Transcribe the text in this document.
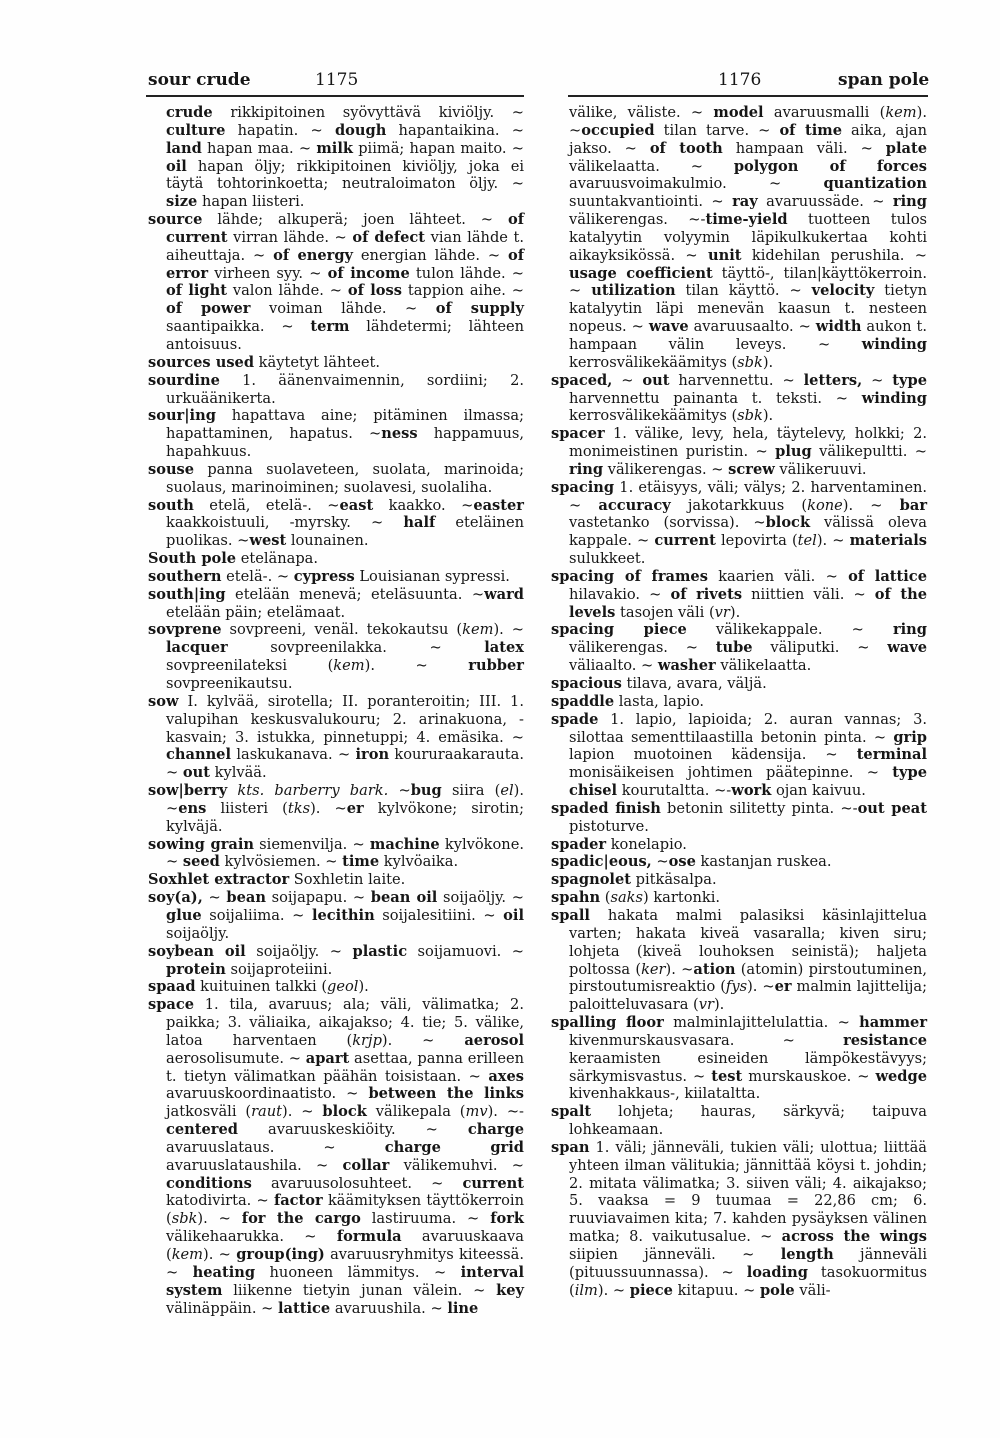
sour crude	1175	1176	span pole

crude rikkipitoinen syövyttävä kiviöljy. ~ culture hapatin. ~ dough hapantaikina. ~ land hapan maa. ~ milk piimä; hapan maito. ~ oil hapan öljy; rikkipitoinen kiviöljy, joka ei täytä tohtorinkoetta; neutraloimaton öljy. ~ size hapan liisteri.

source lähde; alkuperä; joen lähteet. ~ of current virran lähde. ~ of defect vian lähde t. aiheuttaja. ~ of energy energian lähde. ~ of error virheen syy. ~ of income tulon lähde. ~ of light valon lähde. ~ of loss tappion aihe. ~ of power voiman lähde. ~ of supply saantipaikka. ~ term lähdetermi; lähteen antoisuus.

sources used käytetyt lähteet.

sourdine 1. äänenvaimennin, sordiini; 2. urkuäänikerta.

sour|ing hapattava aine; pitäminen ilmassa; hapattaminen, hapatus. ~ness happamuus, hapahkuus.

souse panna suolaveteen, suolata, marinoida; suolaus, marinoiminen; suolavesi, suolaliha.

south etelä, etelä-. ~east kaakko. ~easter kaakkoistuuli, -myrsky. ~ half eteläinen puolikas. ~west lounainen.

South pole etelänapa.

southern etelä-. ~ cypress Louisianan sypressi.

south|ing etelään menevä; eteläsuunta. ~ward etelään päin; etelämaat.

sovprene sovpreeni, venäl. tekokautsu (kem). ~ lacquer sovpreenilakka. ~ latex sovpreenilateksi (kem). ~ rubber sovpreenikautsu.

sow I. kylvää, sirotella; II. poranteroitin; III. 1. valupihan keskusvalukouru; 2. arinakuona, -kasvain; 3. istukka, pinnetuppi; 4. emäsika. ~ channel laskukanava. ~ iron koururaakarauta. ~ out kylvää.

sow|berry kts. barberry bark. ~bug siira (el). ~ens liisteri (tks). ~er kylvökone; sirotin; kylväjä.

sowing grain siemenvilja. ~ machine kylvökone. ~ seed kylvösiemen. ~ time kylvöaika.

Soxhlet extractor Soxhletin laite.

soy(a), ~ bean soijapapu. ~ bean oil soijaöljy. ~ glue soijaliima. ~ lecithin soijalesitiini. ~ oil soijaöljy.

soybean oil soijaöljy. ~ plastic soijamuovi. ~ protein soijaproteiini.

spaad kuituinen talkki (geol).

space 1. tila, avaruus; ala; väli, välimatka; 2. paikka; 3. väliaika, aikajakso; 4. tie; 5. välike, latoa harventaen (krjp). ~ aerosol aerosolisumute. ~ apart asettaa, panna erilleen t. tietyn välimatkan päähän toisistaan. ~ axes avaruuskoordinaatisto. ~ between the links jatkosväli (raut). ~ block välikepala (mv). ~-centered avaruuskeskiöity. ~ charge avaruuslataus. ~ charge grid avaruuslataushila. ~ collar välikemuhvi. ~ conditions avaruusolosuhteet. ~ current katodivirta. ~ factor käämityksen täyttökerroin (sbk). ~ for the cargo lastiruuma. ~ fork välikehaarukka. ~ formula avaruuskaava (kem). ~ group(ing) avaruusryhmitys kiteessä. ~ heating huoneen lämmitys. ~ interval system liikenne tietyin junan välein. ~ key välinäppäin. ~ lattice avaruushila. ~ line

välike, väliste. ~ model avaruusmalli (kem). ~occupied tilan tarve. ~ of time aika, ajan jakso. ~ of tooth hampaan väli. ~ plate välikelaatta. ~ polygon of forces avaruusvoimakulmio. ~ quantization suuntakvantiointi. ~ ray avaruussäde. ~ ring välikerengas. ~-time-yield tuotteen tulos katalyytin volyymin läpikulkukertaa kohti aikayksikössä. ~ unit kidehilan perushila. ~ usage coefficient täyttö-, tilan|käyttökerroin. ~ utilization tilan käyttö. ~ velocity tietyn katalyytin läpi menevän kaasun t. nesteen nopeus. ~ wave avaruusaalto. ~ width aukon t. hampaan välin leveys. ~ winding kerrosvälikekäämitys (sbk).

spaced, ~ out harvennettu. ~ letters, ~ type harvennettu painanta t. teksti. ~ winding kerrosvälikekäämitys (sbk).

spacer 1. välike, levy, hela, täytelevy, holkki; 2. monimeistinen puristin. ~ plug välikepultti. ~ ring välikerengas. ~ screw välikeruuvi.

spacing 1. etäisyys, väli; välys; 2. harventaminen. ~ accuracy jakotarkkuus (kone). ~ bar vastetanko (sorvissa). ~block välissä oleva kappale. ~ current lepovirta (tel). ~ materials sulukkeet.

spacing of frames kaarien väli. ~ of lattice hilavakio. ~ of rivets niittien väli. ~ of the levels tasojen väli (vr).

spacing piece välikekappale. ~ ring välikerengas. ~ tube väliputki. ~ wave väliaalto. ~ washer välikelaatta.

spacious tilava, avara, väljä.

spaddle lasta, lapio.

spade 1. lapio, lapioida; 2. auran vannas; 3. silottaa sementtilaastilla betonin pinta. ~ grip lapion muotoinen kädensija. ~ terminal monisäikeisen johtimen päätepinne. ~ type chisel kourutaltta. ~-work ojan kaivuu.

spaded finish betonin silitetty pinta. ~-out peat pistoturve.

spader konelapio.

spadic|eous, ~ose kastanjan ruskea.

spagnolet pitkäsalpa.

spahn (saks) kartonki.

spall hakata malmi palasiksi käsinlajittelua varten; hakata kiveä vasaralla; kiven siru; lohjeta (kiveä louhoksen seinistä); haljeta poltossa (ker). ~ation (atomin) pirstoutuminen, pirstoutumisreaktio (fys). ~er malmin lajittelija; paloitteluvasara (vr).

spalling floor malminlajittelulattia. ~ hammer kivenmurskausvasara. ~ resistance keraamisten esineiden lämpökestävyys; särkymisvastus. ~ test murskauskoe. ~ wedge kivenhakkaus-, kiilataltta.

spalt lohjeta; hauras, särkyvä; taipuva lohkeamaan.

span 1. väli; jänneväli, tukien väli; ulottua; liittää yhteen ilman välitukia; jännittää köysi t. johdin; 2. mitata välimatka; 3. siiven väli; 4. aikajakso; 5. vaaksa = 9 tuumaa = 22,86 cm; 6. ruuviavaimen kita; 7. kahden pysäyksen välinen matka; 8. vaikutusalue. ~ across the wings siipien jänneväli. ~ length jänneväli (pituussuunnassa). ~ loading tasokuormitus (ilm). ~ piece kitapuu. ~ pole väli-
